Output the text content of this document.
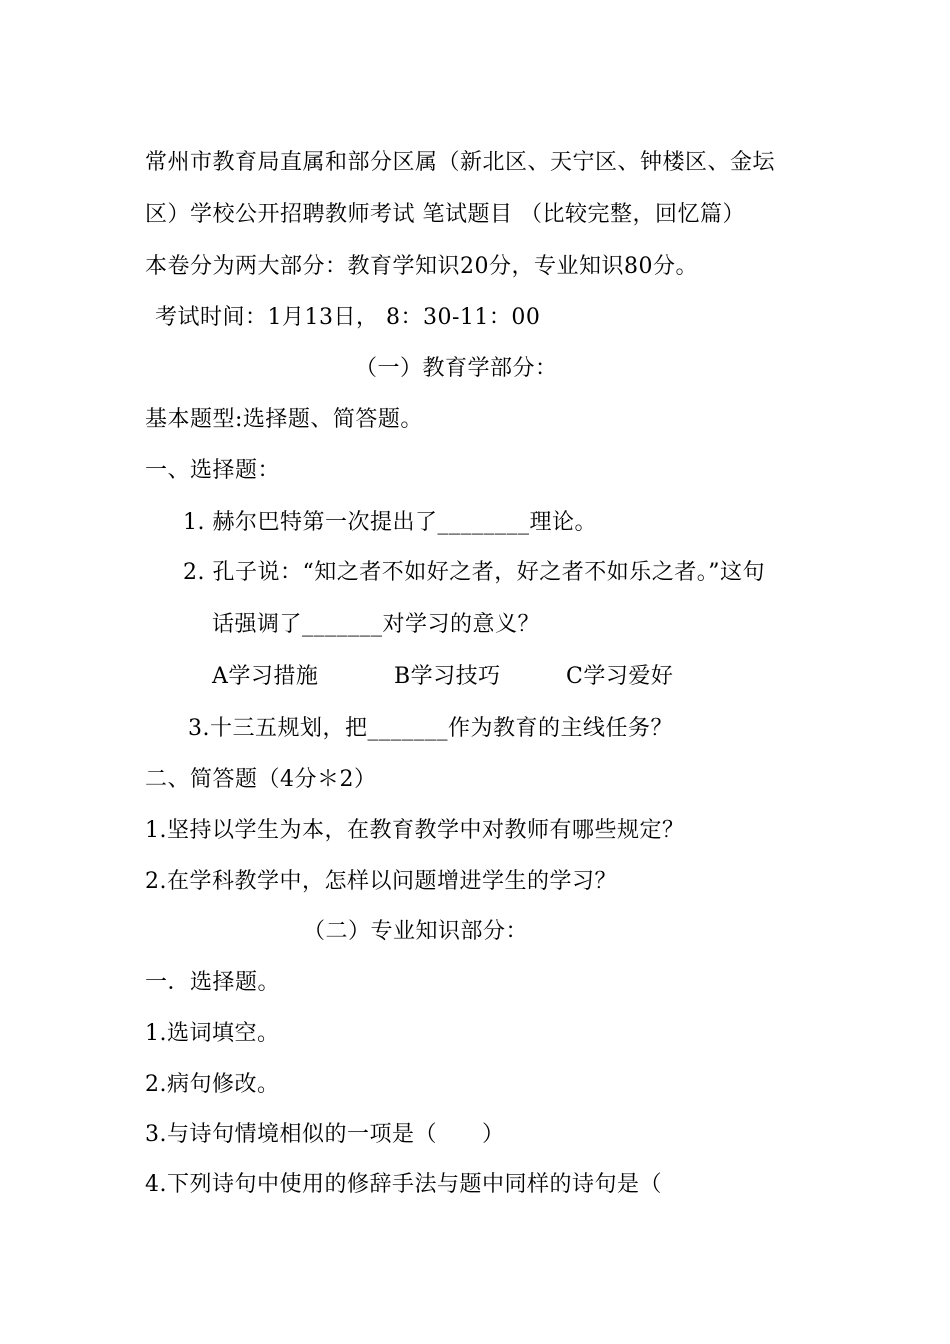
常州市教育局直属和部分区属（新北区、天宁区、钟楼区、金坛
区）学校公开招聘教师考试 笔试题目 （比较完整，回忆篇）
本卷分为两大部分：教育学知识20分，专业知识80分。
考试时间：1月13日， 8：30-11：00
（一）教育学部分：
基本题型:选择题、简答题。
一、选择题：
1. 赫尔巴特第一次提出了________理论。
2. 孔子说：“知之者不如好之者，好之者不如乐之者。”这句
话强调了_______对学习的意义？
A学习措施	B学习技巧	C学习爱好
3.十三五规划，把_______作为教育的主线任务？
二、简答题（4分＊2）
1.坚持以学生为本，在教育教学中对教师有哪些规定？
2.在学科教学中，怎样以问题增进学生的学习？
（二）专业知识部分：
一．选择题。
1.选词填空。
2.病句修改。
3.与诗句情境相似的一项是（　　）
4.下列诗句中使用的修辞手法与题中同样的诗句是（
